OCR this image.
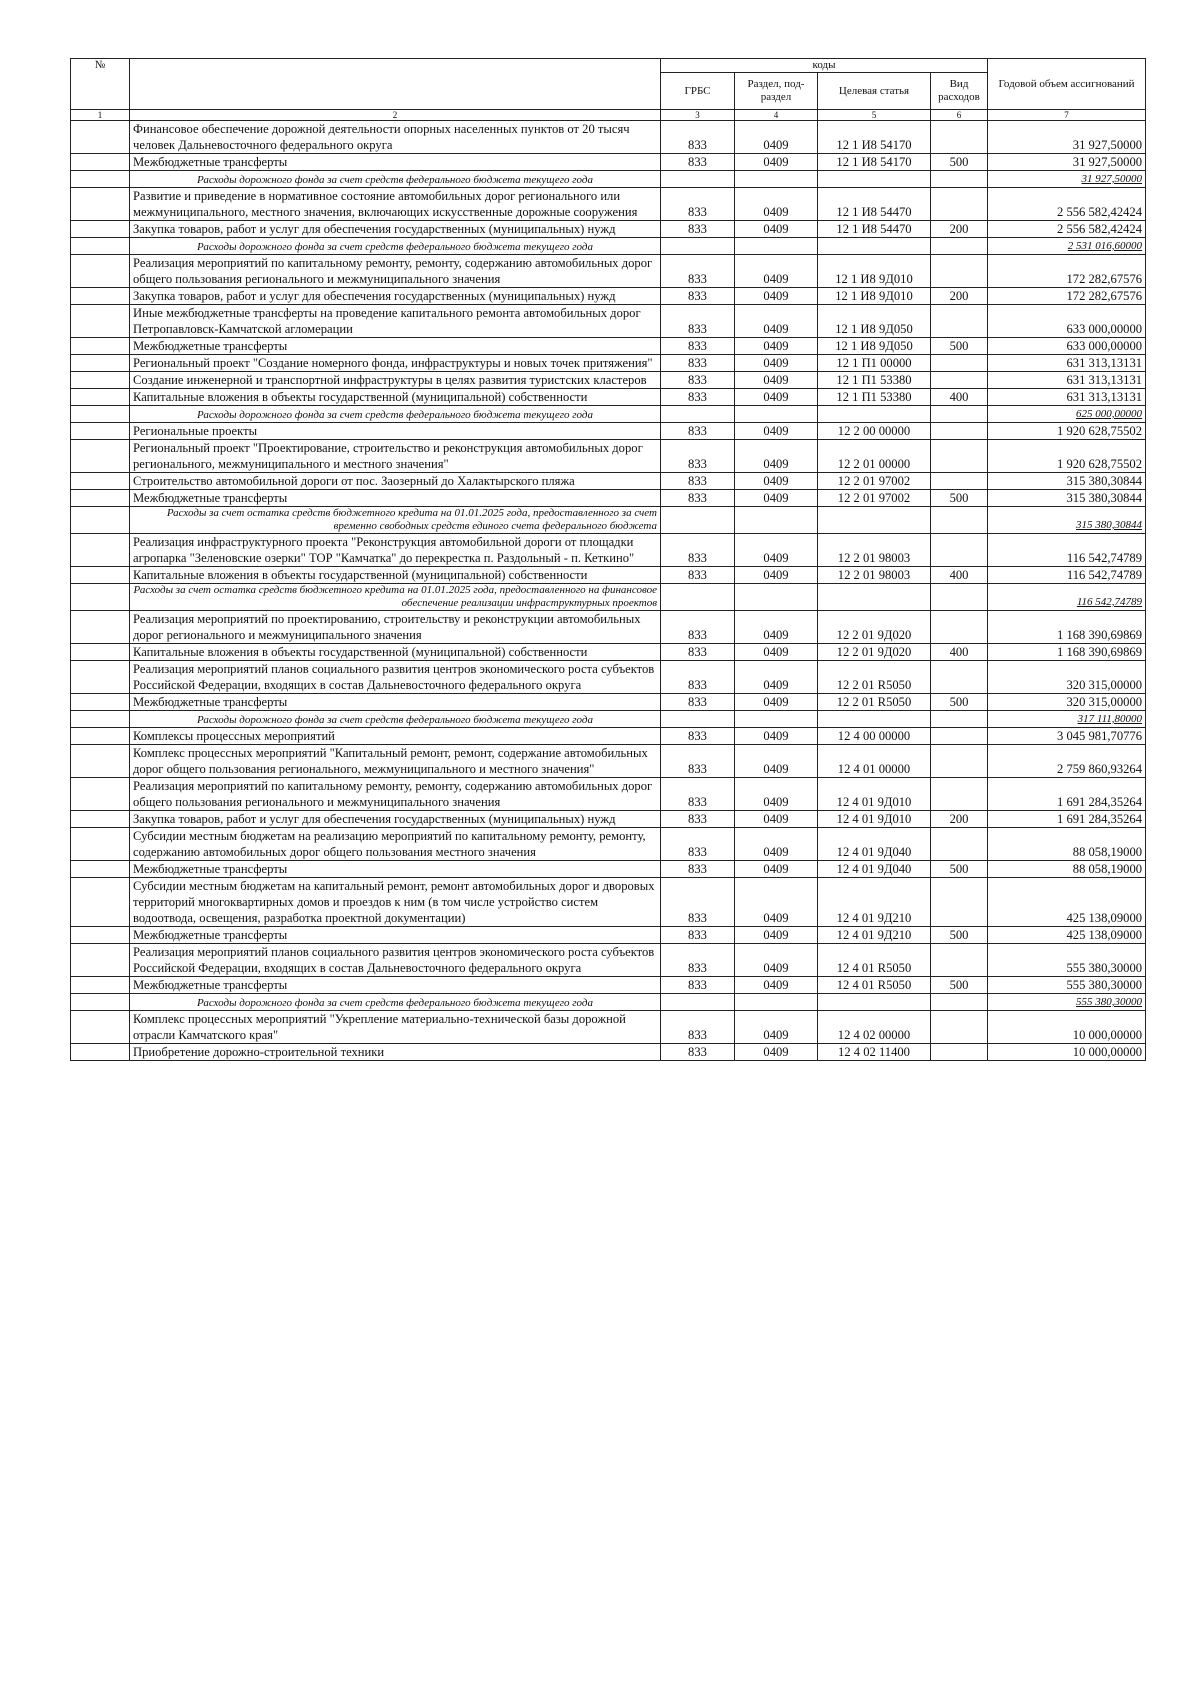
№		коды				Годовой объем ассигнований
		ГРБС	Раздел, под-раздел	Целевая статья	Вид расходов	
1	2	3	4	5	6	7
	Финансовое обеспечение дорожной деятельности опорных населенных пунктов от 20 тысяч человек Дальневосточного федерального округа	833	0409	12 1 И8 54170		31 927,50000
	Межбюджетные трансферты	833	0409	12 1 И8 54170	500	31 927,50000
	Расходы дорожного фонда за счет средств федерального бюджета текущего года					31 927,50000
	Развитие и приведение в нормативное состояние автомобильных дорог регионального или межмуниципального, местного значения, включающих искусственные дорожные сооружения	833	0409	12 1 И8 54470		2 556 582,42424
	Закупка товаров, работ и услуг для обеспечения государственных (муниципальных) нужд	833	0409	12 1 И8 54470	200	2 556 582,42424
	Расходы дорожного фонда за счет средств федерального бюджета текущего года					2 531 016,60000
	Реализация мероприятий по капитальному ремонту, ремонту, содержанию автомобильных дорог общего пользования регионального и межмуниципального значения	833	0409	12 1 И8 9Д010		172 282,67576
	Закупка товаров, работ и услуг для обеспечения государственных (муниципальных) нужд	833	0409	12 1 И8 9Д010	200	172 282,67576
	Иные межбюджетные трансферты на проведение капитального ремонта автомобильных дорог Петропавловск-Камчатской агломерации	833	0409	12 1 И8 9Д050		633 000,00000
	Межбюджетные трансферты	833	0409	12 1 И8 9Д050	500	633 000,00000
	Региональный проект "Создание номерного фонда, инфраструктуры и новых точек притяжения"	833	0409	12 1 П1 00000		631 313,13131
	Создание инженерной и транспортной инфраструктуры в целях развития туристских кластеров	833	0409	12 1 П1 53380		631 313,13131
	Капитальные вложения в объекты государственной (муниципальной) собственности	833	0409	12 1 П1 53380	400	631 313,13131
	Расходы дорожного фонда за счет средств федерального бюджета текущего года					625 000,00000
	Региональные проекты	833	0409	12 2 00 00000		1 920 628,75502
	Региональный проект "Проектирование, строительство и реконструкция автомобильных дорог регионального, межмуниципального и местного значения"	833	0409	12 2 01 00000		1 920 628,75502
	Строительство автомобильной дороги от пос. Заозерный до Халактырского пляжа	833	0409	12 2 01 97002		315 380,30844
	Межбюджетные трансферты	833	0409	12 2 01 97002	500	315 380,30844
	Расходы за счет остатка средств бюджетного кредита на 01.01.2025 года, предоставленного за счет временно свободных средств единого счета федерального бюджета					315 380,30844
	Реализация инфраструктурного проекта "Реконструкция автомобильной дороги от площадки агропарка "Зеленовские озерки" ТОР "Камчатка" до перекрестка п. Раздольный - п. Кеткино"	833	0409	12 2 01 98003		116 542,74789
	Капитальные вложения в объекты государственной (муниципальной) собственности	833	0409	12 2 01 98003	400	116 542,74789
	Расходы за счет остатка средств бюджетного кредита на 01.01.2025 года, предоставленного на финансовое обеспечение реализации инфраструктурных проектов					116 542,74789
	Реализация мероприятий по проектированию, строительству и реконструкции автомобильных дорог регионального и межмуниципального значения	833	0409	12 2 01 9Д020		1 168 390,69869
	Капитальные вложения в объекты государственной (муниципальной) собственности	833	0409	12 2 01 9Д020	400	1 168 390,69869
	Реализация мероприятий планов социального развития центров экономического роста субъектов Российской Федерации, входящих в состав Дальневосточного федерального округа	833	0409	12 2 01 R5050		320 315,00000
	Межбюджетные трансферты	833	0409	12 2 01 R5050	500	320 315,00000
	Расходы дорожного фонда за счет средств федерального бюджета текущего года					317 111,80000
	Комплексы процессных мероприятий	833	0409	12 4 00 00000		3 045 981,70776
	Комплекс процессных мероприятий "Капитальный ремонт, ремонт, содержание автомобильных дорог общего пользования регионального, межмуниципального и местного значения"	833	0409	12 4 01 00000		2 759 860,93264
	Реализация мероприятий по капитальному ремонту, ремонту, содержанию автомобильных дорог общего пользования регионального и межмуниципального значения	833	0409	12 4 01 9Д010		1 691 284,35264
	Закупка товаров, работ и услуг для обеспечения государственных (муниципальных) нужд	833	0409	12 4 01 9Д010	200	1 691 284,35264
	Субсидии местным бюджетам на реализацию мероприятий по капитальному ремонту, ремонту, содержанию автомобильных дорог общего пользования местного значения	833	0409	12 4 01 9Д040		88 058,19000
	Межбюджетные трансферты	833	0409	12 4 01 9Д040	500	88 058,19000
	Субсидии местным бюджетам на капитальный ремонт, ремонт автомобильных дорог и дворовых территорий многоквартирных домов и проездов к ним (в том числе устройство систем водоотвода, освещения, разработка проектной документации)	833	0409	12 4 01 9Д210		425 138,09000
	Межбюджетные трансферты	833	0409	12 4 01 9Д210	500	425 138,09000
	Реализация мероприятий планов социального развития центров экономического роста субъектов Российской Федерации, входящих в состав Дальневосточного федерального округа	833	0409	12 4 01 R5050		555 380,30000
	Межбюджетные трансферты	833	0409	12 4 01 R5050	500	555 380,30000
	Расходы дорожного фонда за счет средств федерального бюджета текущего года					555 380,30000
	Комплекс процессных мероприятий "Укрепление материально-технической базы дорожной отрасли Камчатского края"	833	0409	12 4 02 00000		10 000,00000
	Приобретение дорожно-строительной техники	833	0409	12 4 02 11400		10 000,00000
